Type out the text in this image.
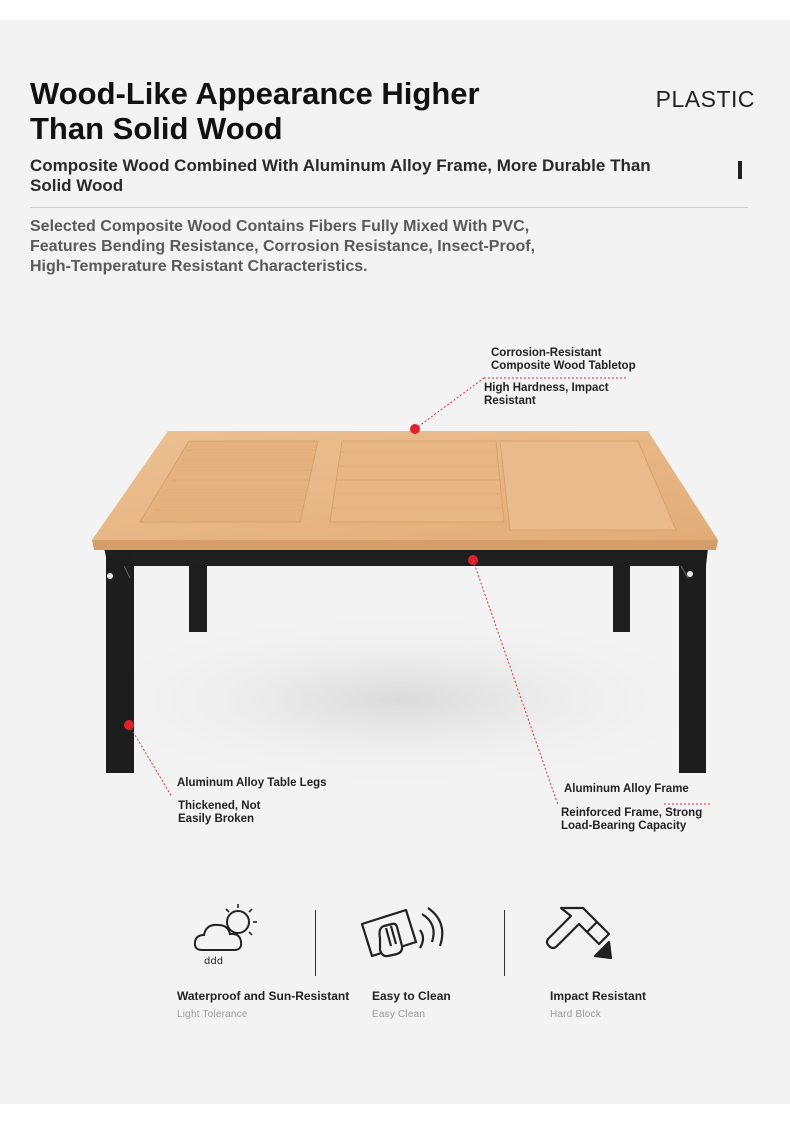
Wood-Like Appearance Higher Than Solid Wood
PLASTIC
Composite Wood Combined With Aluminum Alloy Frame, More Durable Than Solid Wood

Selected Composite Wood Contains Fibers Fully Mixed With PVC, Features Bending Resistance, Corrosion Resistance, Insect-Proof, High-Temperature Resistant Characteristics.

Corrosion-Resistant
Composite Wood Tabletop
High Hardness, Impact Resistant
Aluminum Alloy Table Legs
Thickened, Not
Easily Broken
Aluminum Alloy Frame
Reinforced Frame, Strong
Load-Bearing Capacity
ddd
Waterproof and Sun-Resistant
Light Tolerance
Easy to Clean
Easy Clean
Impact Resistant
Hard Block
